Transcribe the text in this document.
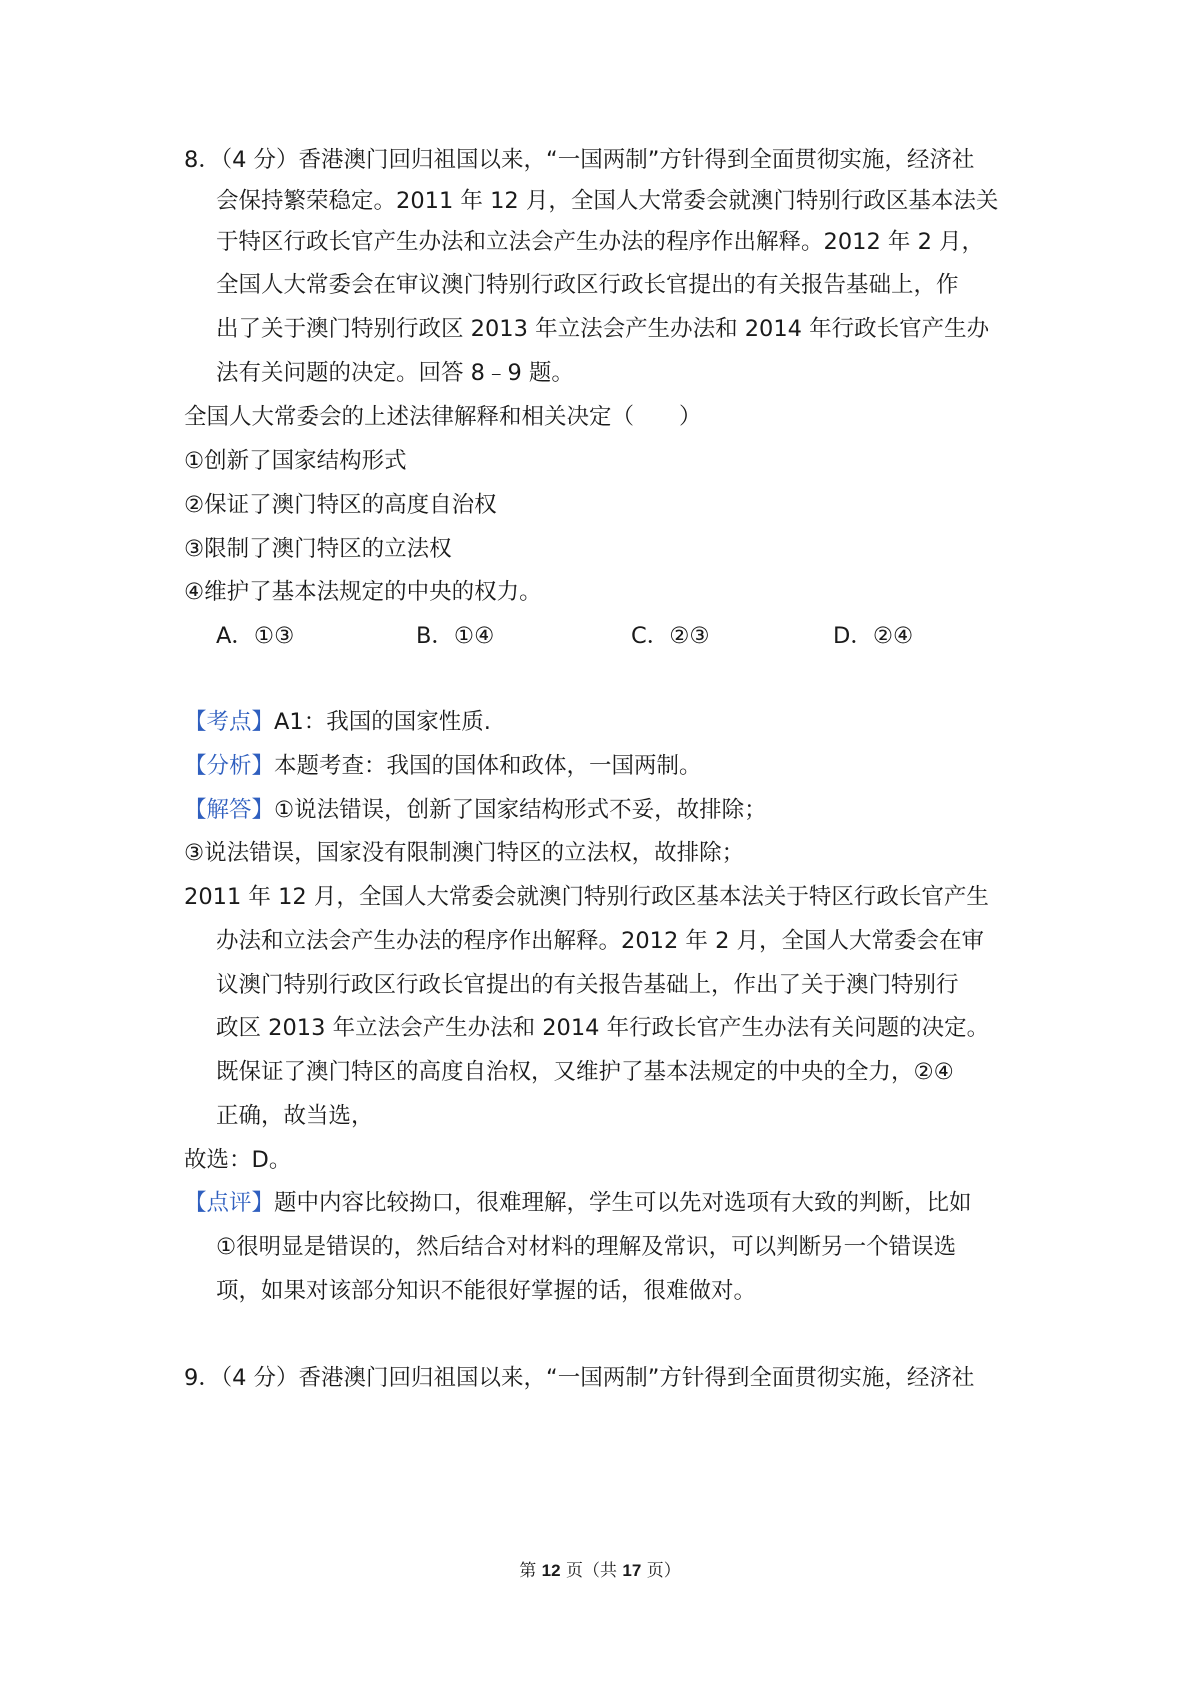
8．（4 分）香港澳门回归祖国以来，“一国两制”方针得到全面贯彻实施，经济社
会保持繁荣稳定。2011 年 12 月，全国人大常委会就澳门特别行政区基本法关
于特区行政长官产生办法和立法会产生办法的程序作出解释。2012 年 2 月，
全国人大常委会在审议澳门特别行政区行政长官提出的有关报告基础上，作
出了关于澳门特别行政区 2013 年立法会产生办法和 2014 年行政长官产生办
法有关问题的决定。回答 8﹣9 题。
全国人大常委会的上述法律解释和相关决定（　　）
①创新了国家结构形式
②保证了澳门特区的高度自治权
③限制了澳门特区的立法权
④维护了基本法规定的中央的权力。
A．①③	B．①④	C．②③	D．②④
【考点】A1：我国的国家性质.
【分析】本题考查：我国的国体和政体，一国两制。
【解答】①说法错误，创新了国家结构形式不妥，故排除；
③说法错误，国家没有限制澳门特区的立法权，故排除；
2011 年 12 月，全国人大常委会就澳门特别行政区基本法关于特区行政长官产生
办法和立法会产生办法的程序作出解释。2012 年 2 月，全国人大常委会在审
议澳门特别行政区行政长官提出的有关报告基础上，作出了关于澳门特别行
政区 2013 年立法会产生办法和 2014 年行政长官产生办法有关问题的决定。
既保证了澳门特区的高度自治权，又维护了基本法规定的中央的全力，②④
正确，故当选，
故选：D。
【点评】题中内容比较拗口，很难理解，学生可以先对选项有大致的判断，比如
①很明显是错误的，然后结合对材料的理解及常识，可以判断另一个错误选
项，如果对该部分知识不能很好掌握的话，很难做对。
9．（4 分）香港澳门回归祖国以来，“一国两制”方针得到全面贯彻实施，经济社
第 12 页（共 17 页）
